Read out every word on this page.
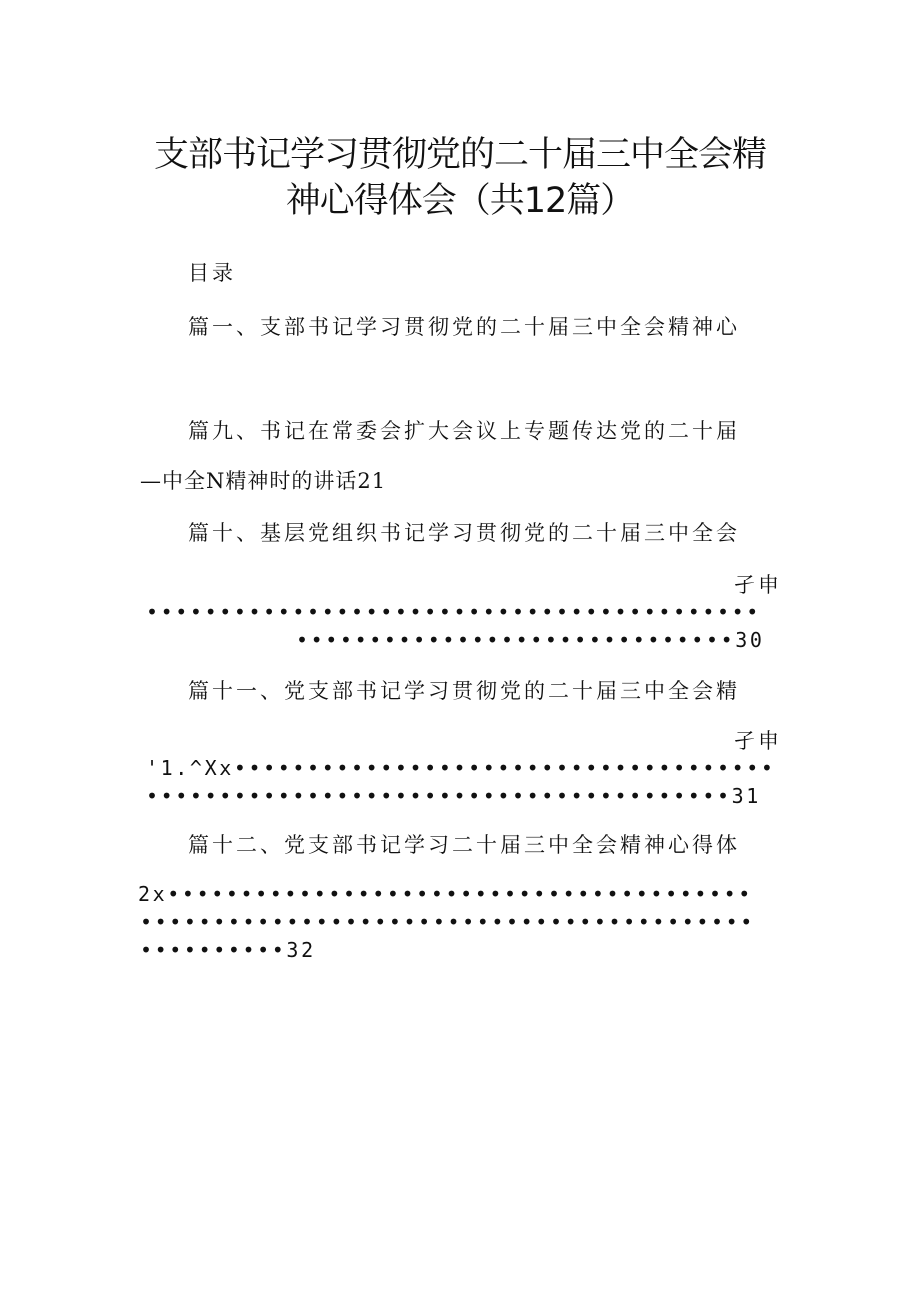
支部书记学习贯彻党的二十届三中全会精
神心得体会（共12篇）
目录
篇一、支部书记学习贯彻党的二十届三中全会精神心
篇九、书记在常委会扩大会议上专题传达党的二十届
—中全N精神时的讲话21
篇十、基层党组织书记学习贯彻党的二十届三中全会
孑申
••••••••••••••••••••••••••••••••••••••••••
••••••••••••••••••••••••••••••30
篇十一、党支部书记学习贯彻党的二十届三中全会精
孑申
'1.^Xx•••••••••••••••••••••••••••••••••••••
••••••••••••••••••••••••••••••••••••••••31
篇十二、党支部书记学习二十届三中全会精神心得体
2x••••••••••••••••••••••••••••••••••••••••
••••••••••••••••••••••••••••••••••••••••••
••••••••••32
